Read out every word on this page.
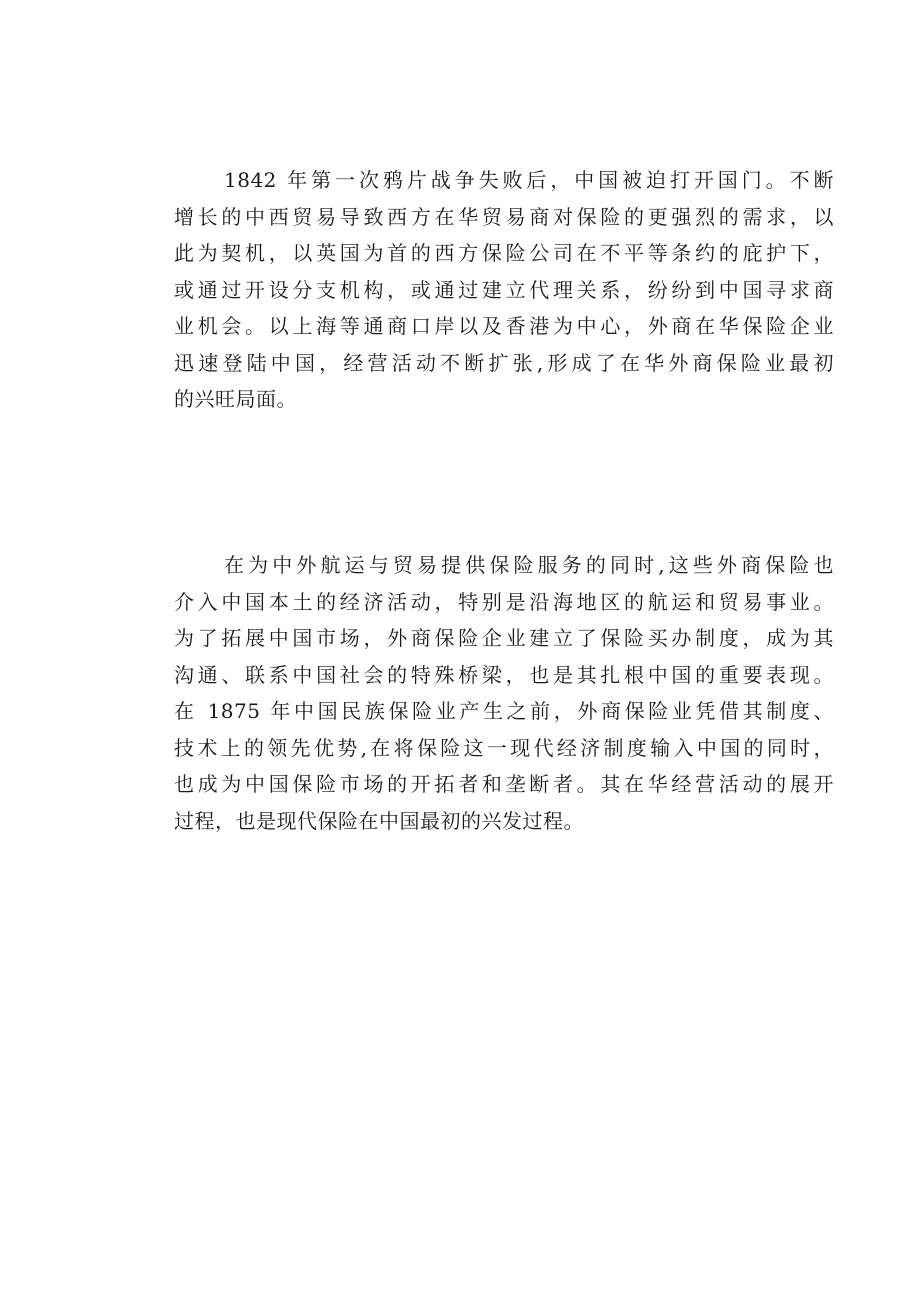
1842 年第一次鸦片战争失败后，中国被迫打开国门。不断
增长的中西贸易导致西方在华贸易商对保险的更强烈的需求，以
此为契机，以英国为首的西方保险公司在不平等条约的庇护下，
或通过开设分支机构，或通过建立代理关系，纷纷到中国寻求商
业机会。以上海等通商口岸以及香港为中心，外商在华保险企业
迅速登陆中国，经营活动不断扩张,形成了在华外商保险业最初
的兴旺局面。
在为中外航运与贸易提供保险服务的同时,这些外商保险也
介入中国本土的经济活动，特别是沿海地区的航运和贸易事业。
为了拓展中国市场，外商保险企业建立了保险买办制度，成为其
沟通、联系中国社会的特殊桥梁，也是其扎根中国的重要表现。
在 1875 年中国民族保险业产生之前，外商保险业凭借其制度、
技术上的领先优势,在将保险这一现代经济制度输入中国的同时，
也成为中国保险市场的开拓者和垄断者。其在华经营活动的展开
过程，也是现代保险在中国最初的兴发过程。
